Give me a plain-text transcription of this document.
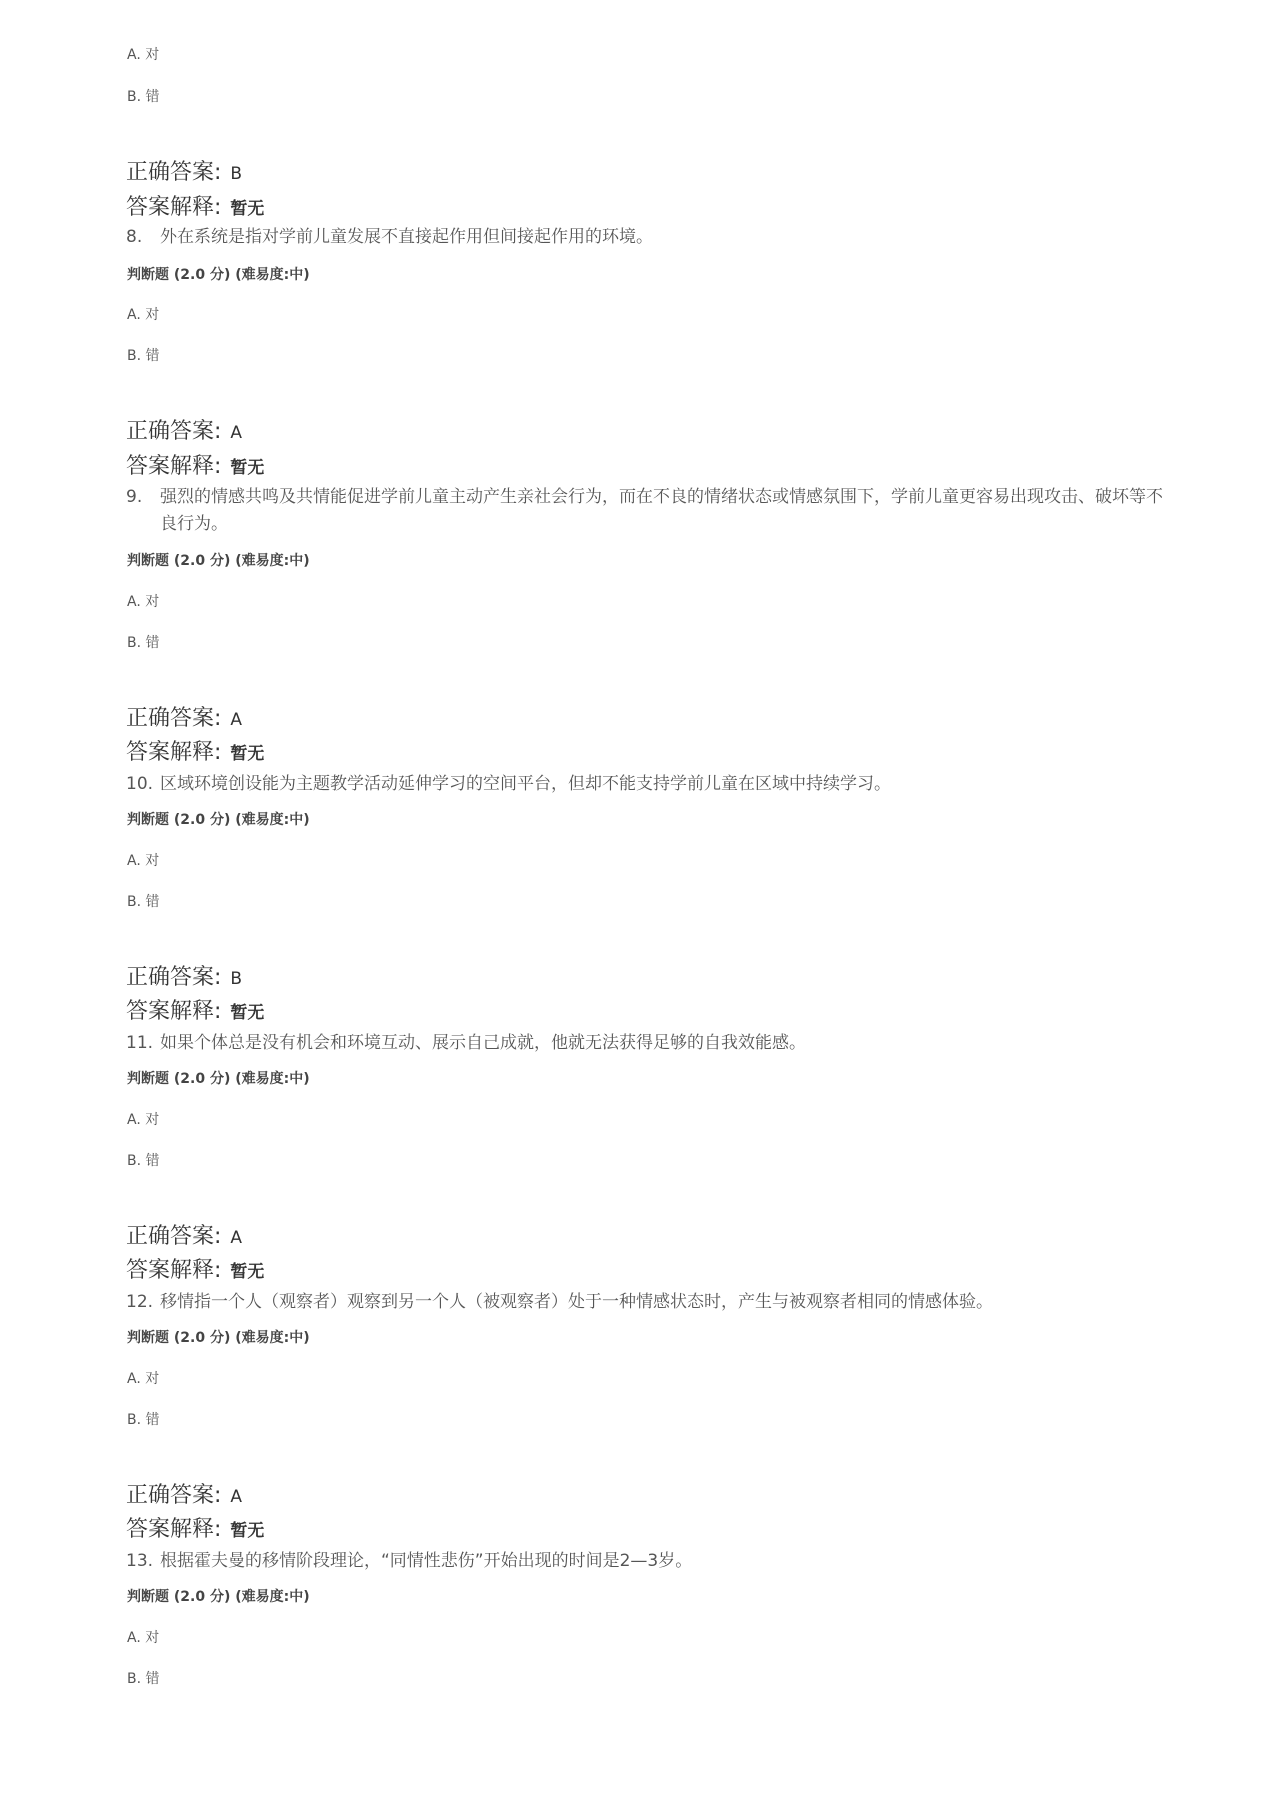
A. 对
B. 错
正确答案: B
答案解释: 暂无
8.	外在系统是指对学前儿童发展不直接起作用但间接起作用的环境。
判断题 (2.0 分) (难易度:中)
A. 对
B. 错
正确答案: A
答案解释: 暂无
9.	强烈的情感共鸣及共情能促进学前儿童主动产生亲社会行为，而在不良的情绪状态或情感氛围下，学前儿童更容易出现攻击、破坏等不良行为。
判断题 (2.0 分) (难易度:中)
A. 对
B. 错
正确答案: A
答案解释: 暂无
10. 区域环境创设能为主题教学活动延伸学习的空间平台，但却不能支持学前儿童在区域中持续学习。
判断题 (2.0 分) (难易度:中)
A. 对
B. 错
正确答案: B
答案解释: 暂无
11. 如果个体总是没有机会和环境互动、展示自己成就，他就无法获得足够的自我效能感。
判断题 (2.0 分) (难易度:中)
A. 对
B. 错
正确答案: A
答案解释: 暂无
12. 移情指一个人（观察者）观察到另一个人（被观察者）处于一种情感状态时，产生与被观察者相同的情感体验。
判断题 (2.0 分) (难易度:中)
A. 对
B. 错
正确答案: A
答案解释: 暂无
13. 根据霍夫曼的移情阶段理论，“同情性悲伤”开始出现的时间是2—3岁。
判断题 (2.0 分) (难易度:中)
A. 对
B. 错
